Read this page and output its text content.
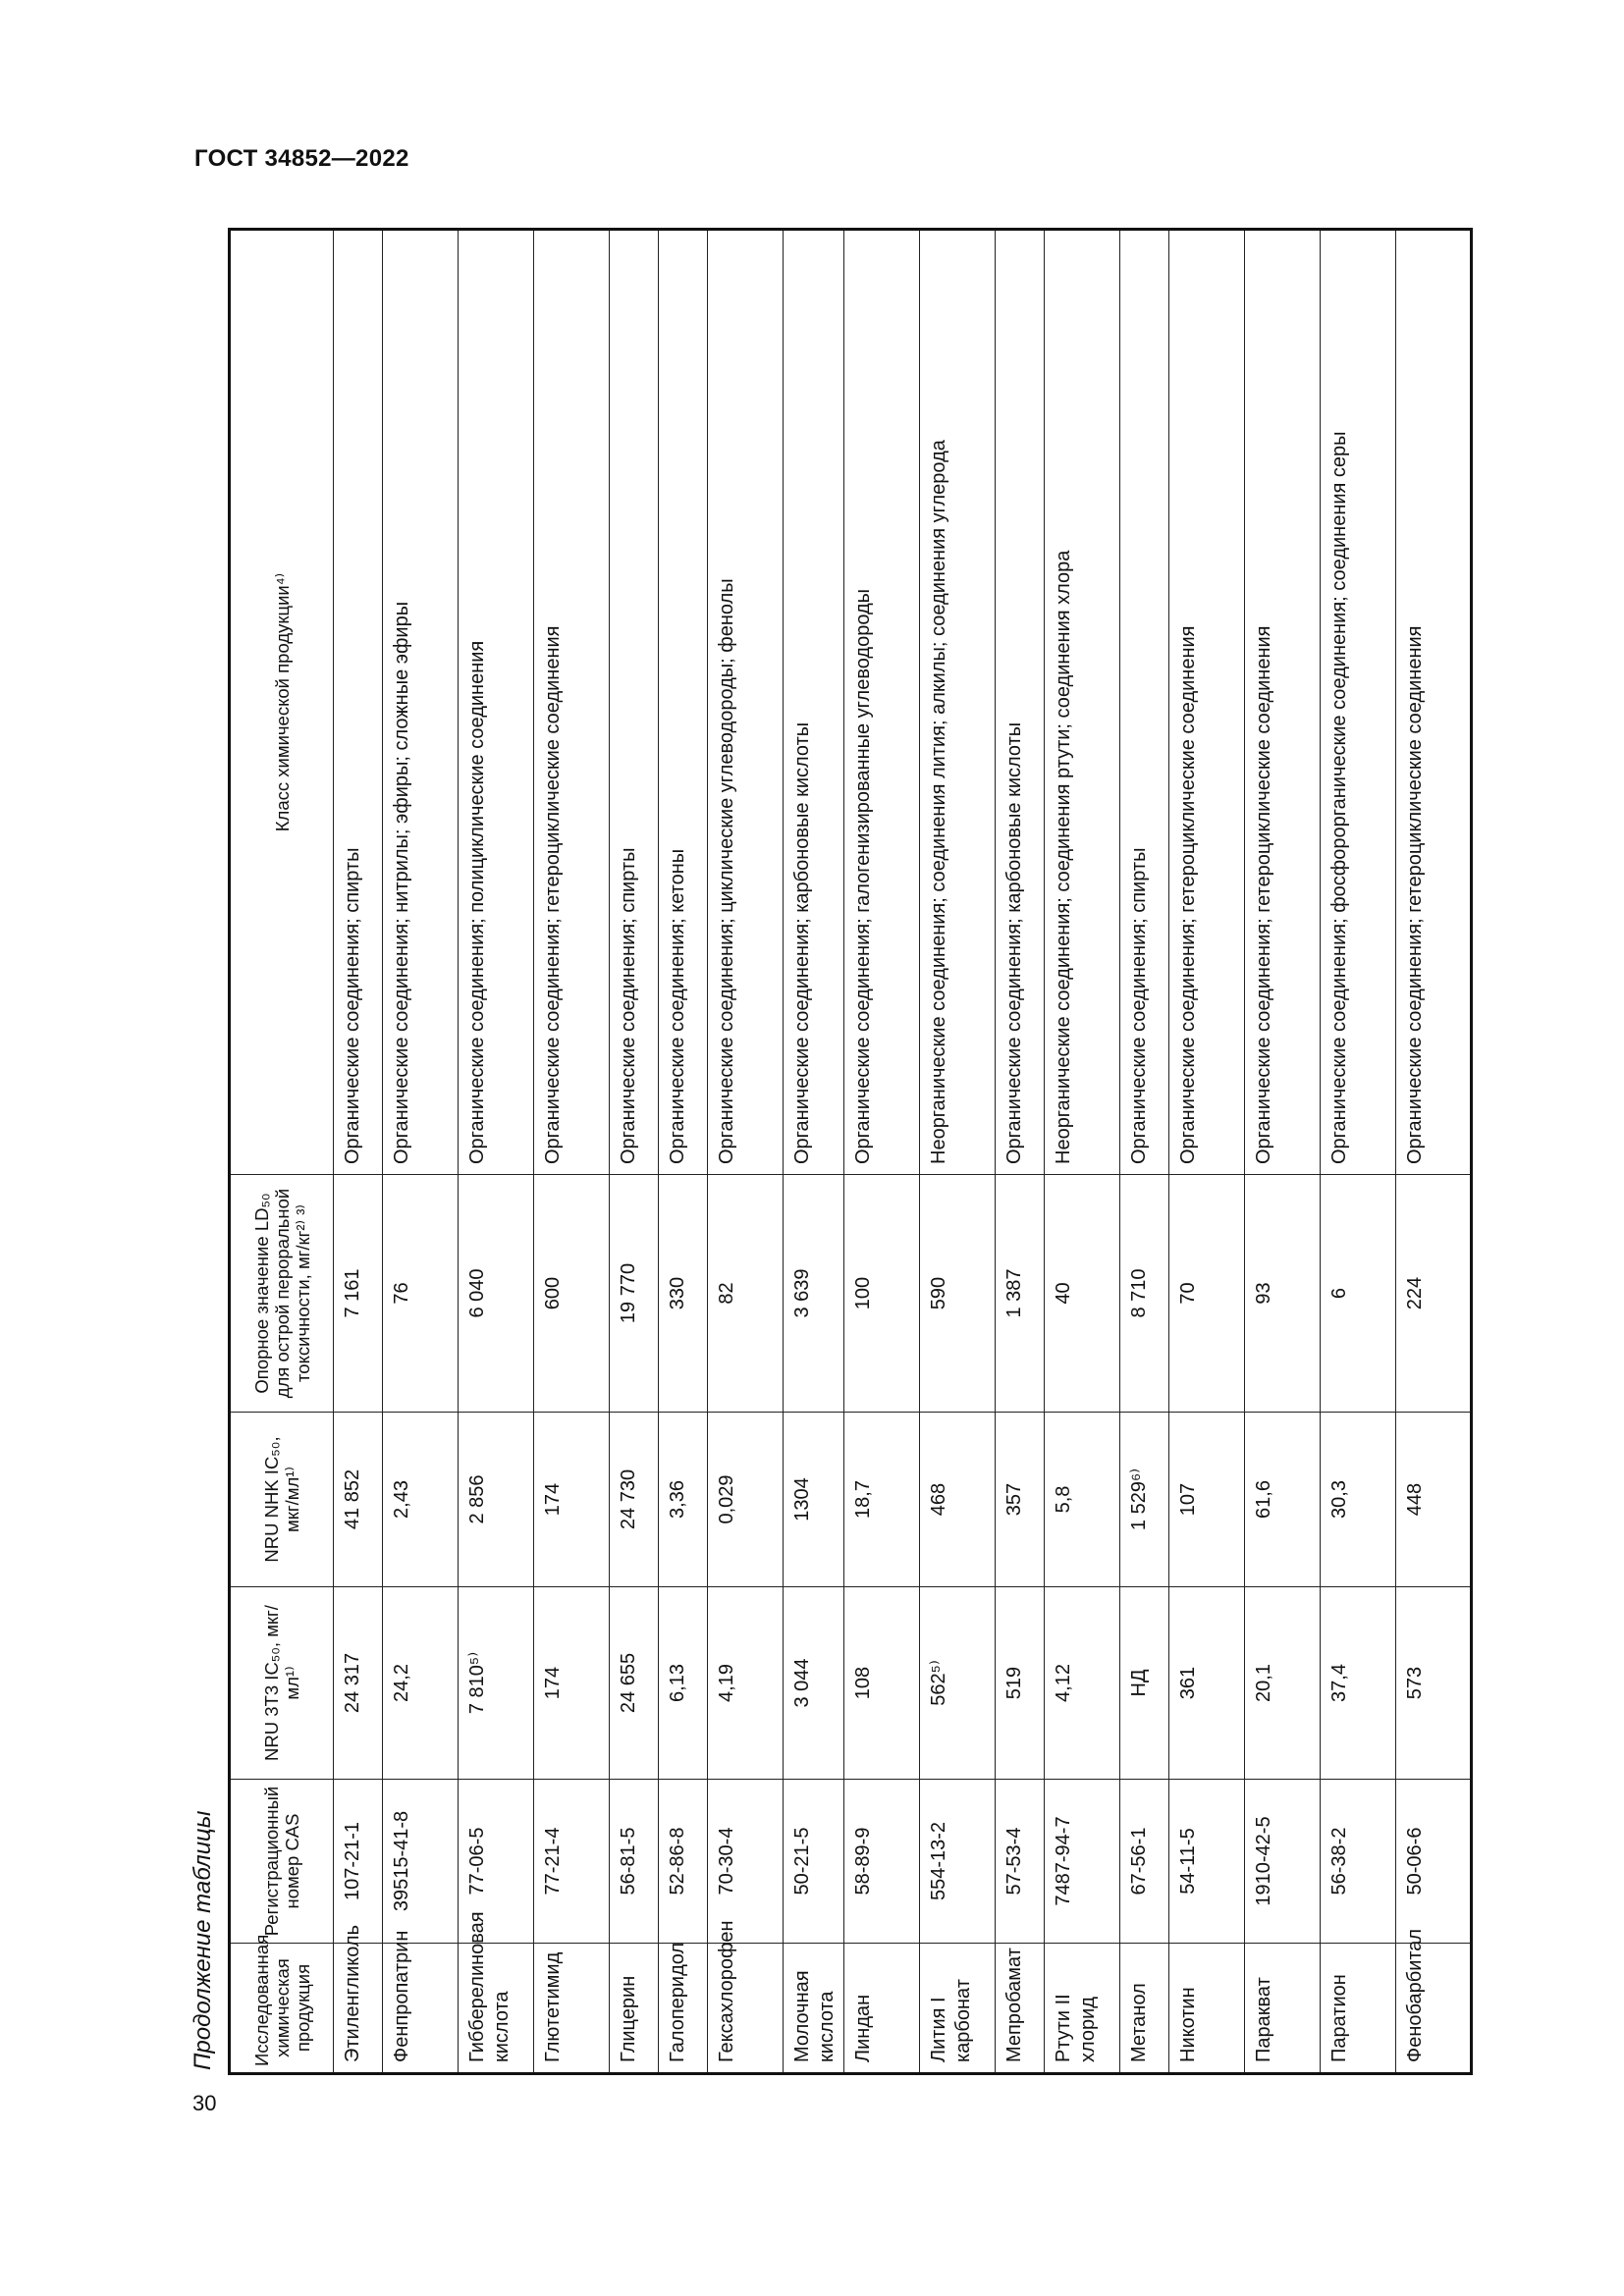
ГОСТ 34852—2022
30
Продолжение таблицы Исследованная химическая продукция	Регистрационный номер CAS	NRU 3T3 IC₅₀, мкг/мл¹⁾	NRU NHK IC₅₀, мкг/мл¹⁾	Опорное значение LD₅₀ для острой пероральной токсичности, мг/кг²⁾ ³⁾	Класс химической продукции⁴⁾
Этиленгликоль	107-21-1	24 317	41 852	7 161	Органические соединения; спирты
Фенпропатрин	39515-41-8	24,2	2,43	76	Органические соединения; нитрилы; эфиры; сложные эфиры
Гибберелиновая кислота	77-06-5	7 810⁵⁾	2 856	6 040	Органические соединения; полициклические соединения
Глютетимид	77-21-4	174	174	600	Органические соединения; гетероциклические соединения
Глицерин	56-81-5	24 655	24 730	19 770	Органические соединения; спирты
Галоперидол	52-86-8	6,13	3,36	330	Органические соединения; кетоны
Гексахлорофен	70-30-4	4,19	0,029	82	Органические соединения; циклические углеводороды; фенолы
Молочная кислота	50-21-5	3 044	1304	3 639	Органические соединения; карбоновые кислоты
Линдан	58-89-9	108	18,7	100	Органические соединения; галогенизированные углеводороды
Лития I карбонат	554-13-2	562⁵⁾	468	590	Неорганические соединения; соединения лития; алкилы; соединения углерода
Мепробамат	57-53-4	519	357	1 387	Органические соединения; карбоновые кислоты
Ртути II хлорид	7487-94-7	4,12	5,8	40	Неорганические соединения; соединения ртути; соединения хлора
Метанол	67-56-1	НД	1 529⁶⁾	8 710	Органические соединения; спирты
Никотин	54-11-5	361	107	70	Органические соединения; гетероциклические соединения
Паракват	1910-42-5	20,1	61,6	93	Органические соединения; гетероциклические соединения
Паратион	56-38-2	37,4	30,3	6	Органические соединения; фосфорорганические соединения; соединения серы
Фенобарбитал	50-06-6	573	448	224	Органические соединения; гетероциклические соединения
